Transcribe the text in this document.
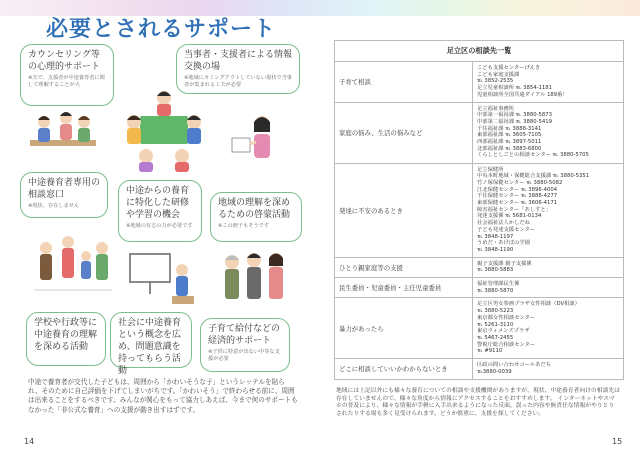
必要とされるサポート
カウンセリング等の心理的サポート
※夫で、支援者が中途養育者に関して理解することが大
当事者・支援者による情報交換の場
※地域にカミングアウトしていない現状で当事者が集まれる工夫が必要
中途養育者専用の相談窓口
※現状、存在しません
中途からの養育に特化した研修や学習の機会
※地域の有志の力が必要です
地域の理解を深めるための啓蒙活動
※この冊子もそうです
学校や行政等に中途養育の理解を深める活動
社会に中途養育という概念を広め、問題意識を持ってもらう活動
子育て給付などの経済的サポート
※子供に特意が出ない中等な支援が必要
中途で養育者が交代した子どもは、周囲から「かわいそうな子」というレッテルを貼られ、そのために自己評価を下げてしまいがちです。「かわいそう」で終わらせる前に、周囲は出来ることをするべきです。みんなが関心をもって協力しあえば、今まで何のサポートもなかった「非公式な養育」への支援が動き出すはずです。
14
足立区の相談先一覧
子育て相談
こども支援センターげんき
こども家庭支援課
℡ 3852-2535
足立児童相談所 ℡ 3854-1181
児童相談所全国共通ダイアル 189番！
家庭の悩み、生活の悩みなど
足立福祉事務所
中部第一福祉課 ℡ 3880-5873
中部第二福祉課 ℡ 3880-5419
千住福祉課 ℡ 3888-3141
東部福祉課 ℡ 3605-7105
西部福祉課 ℡ 3897-5011
北部福祉課 ℡ 3883-6800
くらしとしごとの相談センター ℡ 3880-5705
発達に不安のあるとき
足立保健所
中央本町地域・保健総合支援課 ℡ 3880-5351
竹ノ塚保健センター ℡ 3880-5082
江北保健センター ℡ 3896-4004
千住保健センター ℡ 3888-4277
東部保健センター ℡ 3606-4171
障害福祉センター「あしすと」
発達支援係 ℡ 5681-0134
社会福祉法人かしだね
子ども発達支援センター
℡ 3848-1197
うめだ・あけぼの学園
℡ 3848-1190
ひとり親家庭等の支援
親子支援課 親子支援係
℡ 3880-5883
民生委員・児童委員・主任児童委員
福祉管理課民生係
℡ 3880-5870
暴力があったら
足立区男女参画プラザ女性相談（DV相談）
℡ 3880-5223
東京都女性相談センター
℡ 5261-3110
東京ウィメンズプラザ
℡ 5467-2455
警視庁総合相談センター
℡ #9110
どこに相談していいかわからないとき
区政の問い合わせコールあだち
℡3880-0039
地域には上記以外にも様々な養育についての相談や支援機関がありますが、現状、中途養育者向けの相談先は存在していませんので、様々な角度から情報にアクセスすることをおすすめします。 インターネットやスマホの普及により、様々な情報が手軽に入手出来るようになった反面、誤った内容や無責任な情報がやりとりされたりする場も多く見受けられます。どうか慎重に、支援を探してください。
15
